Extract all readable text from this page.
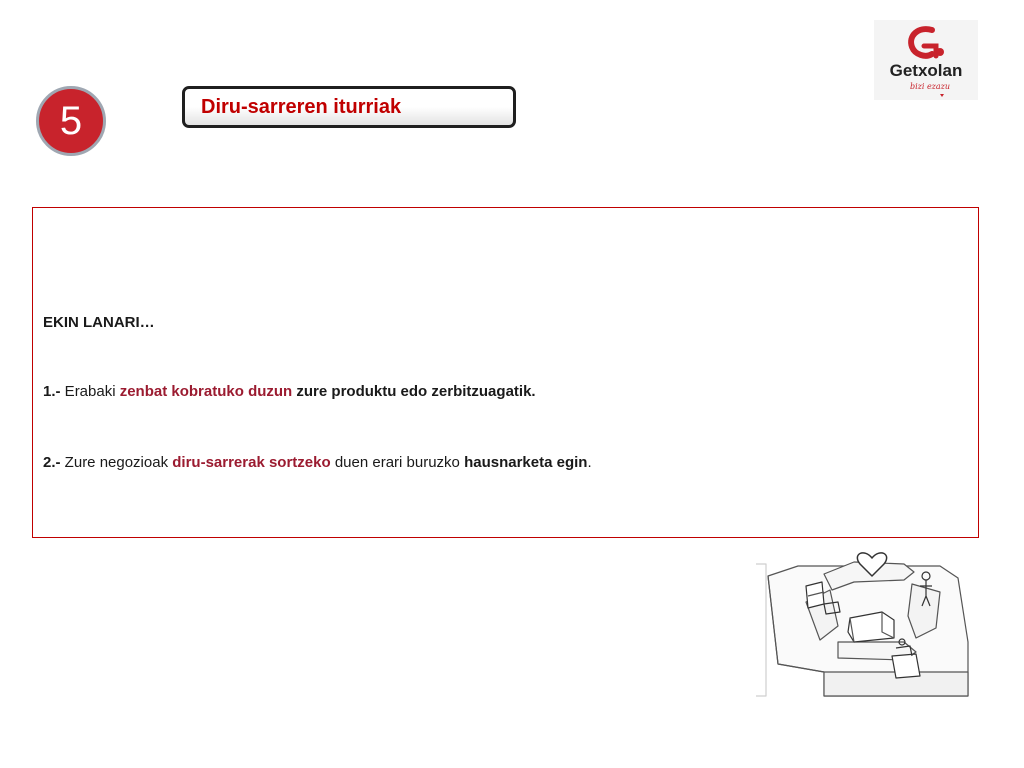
5	Diru-sarreren iturriak
Getxolan
bizi ezazu
EKIN LANARI…
1.- Erabaki zenbat kobratuko duzun zure produktu edo zerbitzuagatik.
2.- Zure negozioak diru-sarrerak sortzeko duen erari buruzko hausnarketa egin.
